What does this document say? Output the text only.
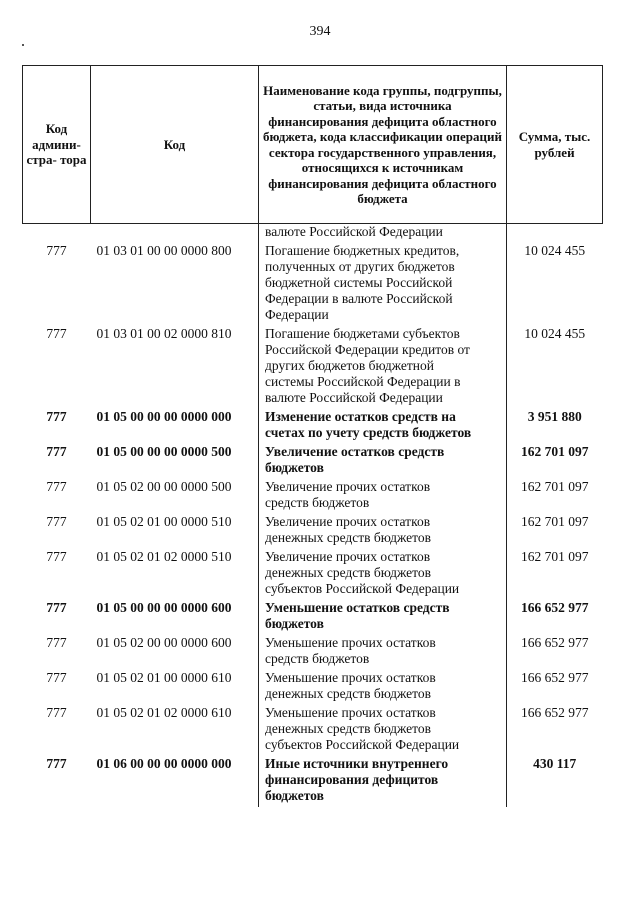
394
Код админи- стра- тора	Код	Наименование кода группы, подгруппы, статьи, вида источника финансирования дефицита областного бюджета, кода классификации операций сектора государственного управления, относящихся к источникам финансирования дефицита областного бюджета	Сумма, тыс. рублей

		валюте Российской Федерации	

777	01 03 01 00 00 0000 800	Погашение бюджетных кредитов,
полученных от других бюджетов
бюджетной системы Российской
Федерации в валюте Российской
Федерации	10 024 455
777	01 03 01 00 02 0000 810	Погашение бюджетами субъектов
Российской Федерации кредитов от
других бюджетов бюджетной
системы Российской Федерации в
валюте Российской Федерации	10 024 455
777	01 05 00 00 00 0000 000	Изменение остатков средств на
счетах по учету средств бюджетов	3 951 880
777	01 05 00 00 00 0000 500	Увеличение остатков средств
бюджетов	162 701 097
777	01 05 02 00 00 0000 500	Увеличение прочих остатков
средств бюджетов	162 701 097
777	01 05 02 01 00 0000 510	Увеличение прочих остатков
денежных средств бюджетов	162 701 097
777	01 05 02 01 02 0000 510	Увеличение прочих остатков
денежных средств бюджетов
субъектов Российской Федерации	162 701 097
777	01 05 00 00 00 0000 600	Уменьшение остатков средств
бюджетов	166 652 977
777	01 05 02 00 00 0000 600	Уменьшение прочих остатков
средств бюджетов	166 652 977
777	01 05 02 01 00 0000 610	Уменьшение прочих остатков
денежных средств бюджетов	166 652 977
777	01 05 02 01 02 0000 610	Уменьшение прочих остатков
денежных средств бюджетов
субъектов Российской Федерации	166 652 977
777	01 06 00 00 00 0000 000	Иные источники внутреннего
финансирования дефицитов
бюджетов	430 117
